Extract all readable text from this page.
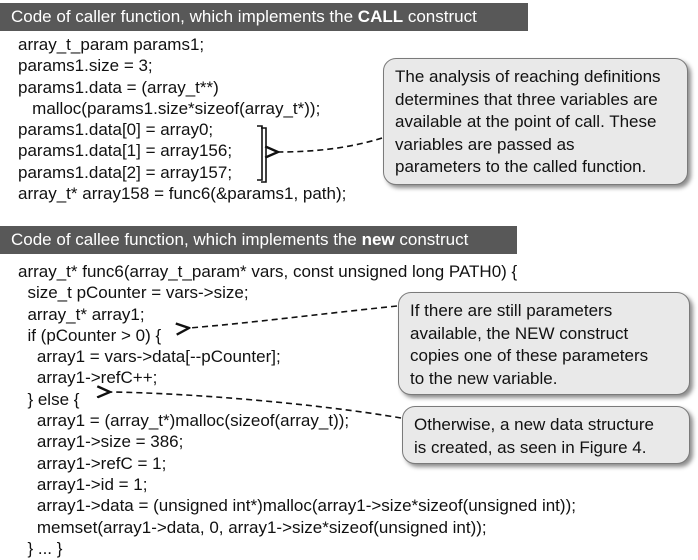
Code of caller function, which implements the CALL construct
array_t_param params1;
params1.size = 3;
params1.data = (array_t**)
malloc(params1.size*sizeof(array_t*));
params1.data[0] = array0;
params1.data[1] = array156;
params1.data[2] = array157;
array_t* array158 = func6(&params1, path);
The analysis of reaching definitions
determines that three variables are
available at the point of call. These
variables are passed as
parameters to the called function.
Code of callee function, which implements the new construct
array_t* func6(array_t_param* vars, const unsigned long PATH0) {
size_t pCounter = vars->size;
array_t* array1;
if (pCounter > 0) {
array1 = vars->data[--pCounter];
array1->refC++;
} else {
array1 = (array_t*)malloc(sizeof(array_t));
array1->size = 386;
array1->refC = 1;
array1->id = 1;
array1->data = (unsigned int*)malloc(array1->size*sizeof(unsigned int));
memset(array1->data, 0, array1->size*sizeof(unsigned int));
} ... }
If there are still parameters
available, the NEW construct
copies one of these parameters
to the new variable.
Otherwise, a new data structure
is created, as seen in Figure 4.
